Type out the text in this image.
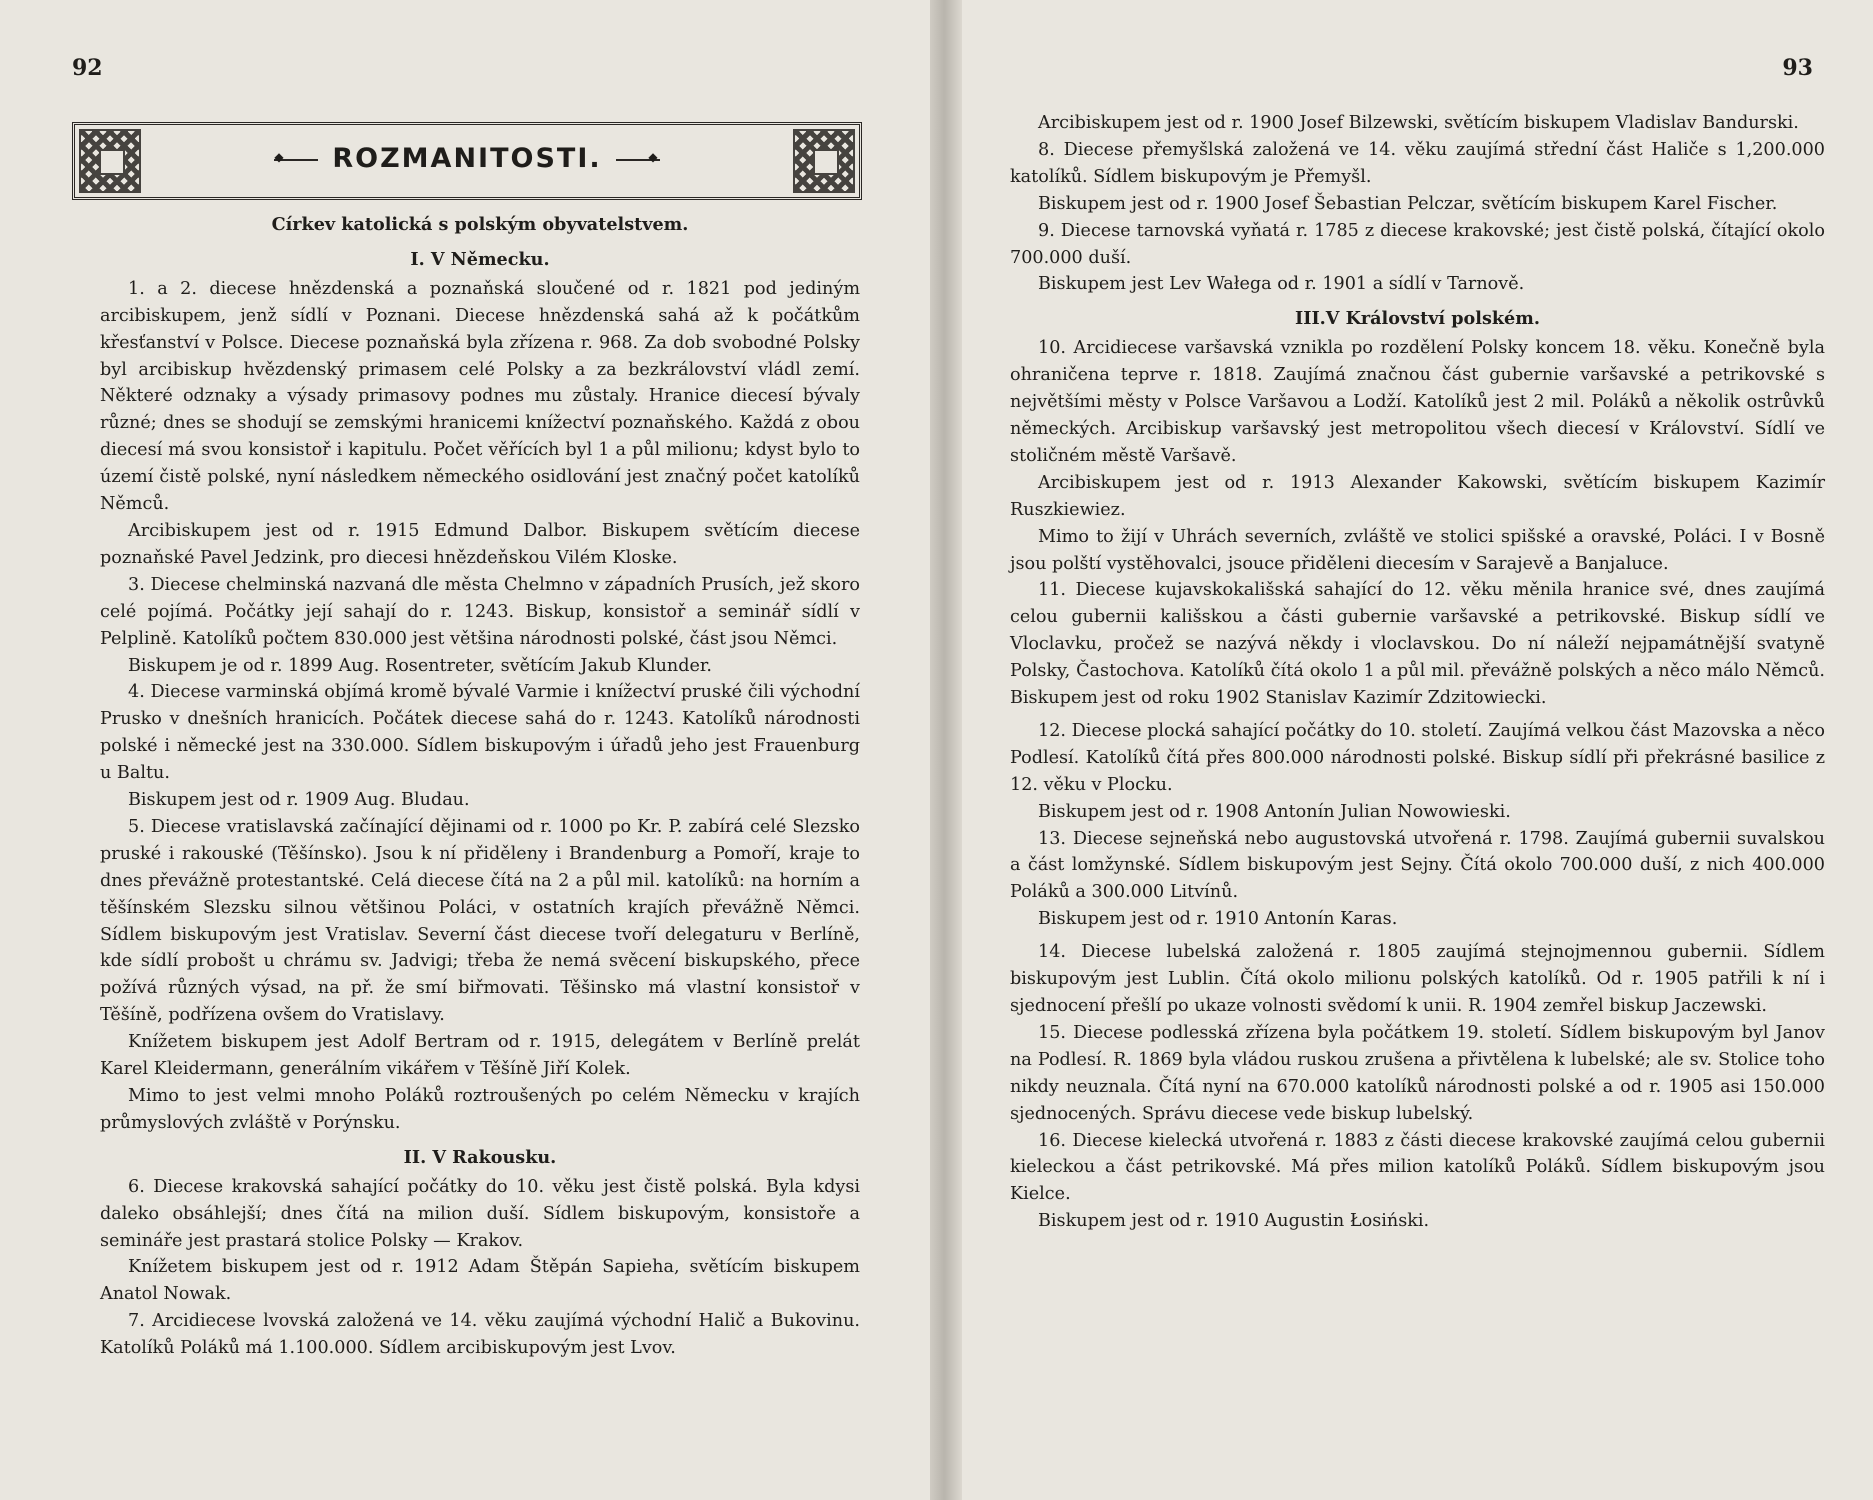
92
◆ROZMANITOSTI.◆

Církev katolická s polským obyvatelstvem.

I. V Německu.

1. a 2. diecese hnězdenská a poznaňská sloučené od r. 1821 pod jediným arcibiskupem, jenž sídlí v Poznani. Diecese hnězdenská sahá až k počátkům křesťanství v Polsce. Diecese poznaňská byla zřízena r. 968. Za dob svobodné Polsky byl arcibiskup hvězdenský primasem celé Polsky a za bezkrálovství vládl zemí. Některé odznaky a výsady primasovy podnes mu zůstaly. Hranice diecesí bývaly různé; dnes se shodují se zemskými hranicemi knížectví poznaňského. Každá z obou diecesí má svou konsistoř i kapitulu. Počet věřících byl 1 a půl milionu; kdyst bylo to území čistě polské, nyní následkem německého osidlování jest značný počet katolíků Němců.

Arcibiskupem jest od r. 1915 Edmund Dalbor. Biskupem světícím diecese poznaňské Pavel Jedzink, pro diecesi hnězdeňskou Vilém Kloske.

3. Diecese chelminská nazvaná dle města Chelmno v západních Prusích, jež skoro celé pojímá. Počátky její sahají do r. 1243. Biskup, konsistoř a seminář sídlí v Pelplině. Katolíků počtem 830.000 jest většina národnosti polské, část jsou Němci.

Biskupem je od r. 1899 Aug. Rosentreter, světícím Jakub Klunder.

4. Diecese varminská objímá kromě bývalé Varmie i knížectví pruské čili východní Prusko v dnešních hranicích. Počátek diecese sahá do r. 1243. Katolíků národnosti polské i německé jest na 330.000. Sídlem biskupovým i úřadů jeho jest Frauenburg u Baltu.

Biskupem jest od r. 1909 Aug. Bludau.

5. Diecese vratislavská začínající dějinami od r. 1000 po Kr. P. zabírá celé Slezsko pruské i rakouské (Těšínsko). Jsou k ní přiděleny i Brandenburg a Pomoří, kraje to dnes převážně protestantské. Celá diecese čítá na 2 a půl mil. katolíků: na horním a těšínském Slezsku silnou většinou Poláci, v ostatních krajích převážně Němci. Sídlem biskupovým jest Vratislav. Severní část diecese tvoří delegaturu v Berlíně, kde sídlí probošt u chrámu sv. Jadvigi; třeba že nemá svěcení biskupského, přece požívá různých výsad, na př. že smí biřmovati. Těšinsko má vlastní konsistoř v Těšíně, podřízena ovšem do Vratislavy.

Knížetem biskupem jest Adolf Bertram od r. 1915, delegátem v Berlíně prelát Karel Kleidermann, generálním vikářem v Těšíně Jiří Kolek.

Mimo to jest velmi mnoho Poláků roztroušených po celém Německu v krajích průmyslových zvláště v Porýnsku.

II. V Rakousku.

6. Diecese krakovská sahající počátky do 10. věku jest čistě polská. Byla kdysi daleko obsáhlejší; dnes čítá na milion duší. Sídlem biskupovým, konsistoře a semináře jest prastará stolice Polsky — Krakov.

Knížetem biskupem jest od r. 1912 Adam Štěpán Sapieha, světícím biskupem Anatol Nowak.

7. Arcidiecese lvovská založená ve 14. věku zaujímá východní Halič a Bukovinu. Katolíků Poláků má 1.100.000. Sídlem arcibiskupovým jest Lvov.

93

Arcibiskupem jest od r. 1900 Josef Bilzewski, světícím biskupem Vladislav Bandurski.

8. Diecese přemyšlská založená ve 14. věku zaujímá střední část Haliče s 1,200.000 katolíků. Sídlem biskupovým je Přemyšl.

Biskupem jest od r. 1900 Josef Šebastian Pelczar, světícím biskupem Karel Fischer.

9. Diecese tarnovská vyňatá r. 1785 z diecese krakovské; jest čistě polská, čítající okolo 700.000 duší.

Biskupem jest Lev Wałega od r. 1901 a sídlí v Tarnově.

III.V Království polském.

10. Arcidiecese varšavská vznikla po rozdělení Polsky koncem 18. věku. Konečně byla ohraničena teprve r. 1818. Zaujímá značnou část gubernie varšavské a petrikovské s největšími městy v Polsce Varšavou a Lodží. Katolíků jest 2 mil. Poláků a několik ostrůvků německých. Arcibiskup varšavský jest metropolitou všech diecesí v Království. Sídlí ve stoličném městě Varšavě.

Arcibiskupem jest od r. 1913 Alexander Kakowski, světícím biskupem Kazimír Ruszkiewiez.

Mimo to žijí v Uhrách severních, zvláště ve stolici spišské a oravské, Poláci. I v Bosně jsou polští vystěhovalci, jsouce přiděleni diecesím v Sarajevě a Banjaluce.

11. Diecese kujavskokališská sahající do 12. věku měnila hranice své, dnes zaujímá celou gubernii kališskou a části gubernie varšavské a petrikovské. Biskup sídlí ve Vloclavku, pročež se nazývá někdy i vloclavskou. Do ní náleží nejpamátnější svatyně Polsky, Častochova. Katolíků čítá okolo 1 a půl mil. převážně polských a něco málo Němců. Biskupem jest od roku 1902 Stanislav Kazimír Zdzitowiecki.

12. Diecese plocká sahající počátky do 10. století. Zaujímá velkou část Mazovska a něco Podlesí. Katolíků čítá přes 800.000 národnosti polské. Biskup sídlí při překrásné basilice z 12. věku v Plocku.

Biskupem jest od r. 1908 Antonín Julian Nowowieski.

13. Diecese sejneňská nebo augustovská utvořená r. 1798. Zaujímá gubernii suvalskou a část lomžynské. Sídlem biskupovým jest Sejny. Čítá okolo 700.000 duší, z nich 400.000 Poláků a 300.000 Litvínů.

Biskupem jest od r. 1910 Antonín Karas.

14. Diecese lubelská založená r. 1805 zaujímá stejnojmennou gubernii. Sídlem biskupovým jest Lublin. Čítá okolo milionu polských katolíků. Od r. 1905 patřili k ní i sjednocení přešlí po ukaze volnosti svědomí k unii. R. 1904 zemřel biskup Jaczewski.

15. Diecese podlesská zřízena byla počátkem 19. století. Sídlem biskupovým byl Janov na Podlesí. R. 1869 byla vládou ruskou zrušena a přivtělena k lubelské; ale sv. Stolice toho nikdy neuznala. Čítá nyní na 670.000 katolíků národnosti polské a od r. 1905 asi 150.000 sjednocených. Správu diecese vede biskup lubelský.

16. Diecese kielecká utvořená r. 1883 z části diecese krakovské zaujímá celou gubernii kieleckou a část petrikovské. Má přes milion katolíků Poláků. Sídlem biskupovým jsou Kielce.

Biskupem jest od r. 1910 Augustin Łosiński.
